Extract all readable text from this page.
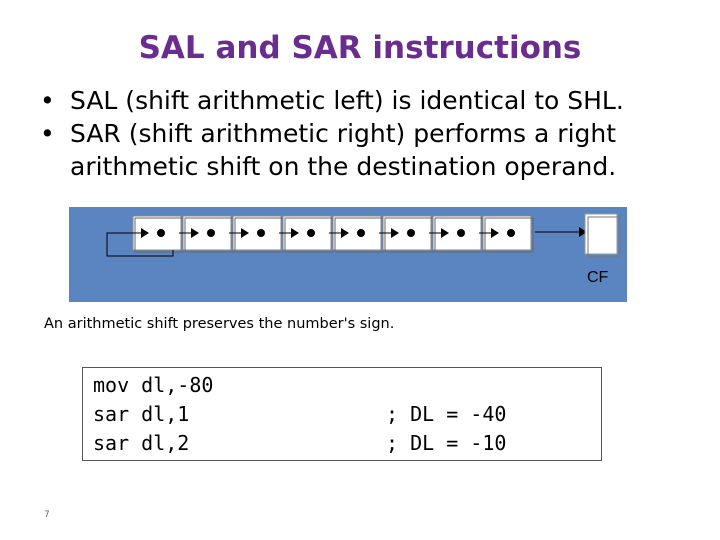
SAL and SAR instructions
• SAL (shift arithmetic left) is identical to SHL.
• SAR (shift arithmetic right) performs a right arithmetic shift on the destination operand.
CF
An arithmetic shift preserves the number's sign.
mov dl,-80
sar dl,1	; DL = -40
sar dl,2	; DL = -10
7
